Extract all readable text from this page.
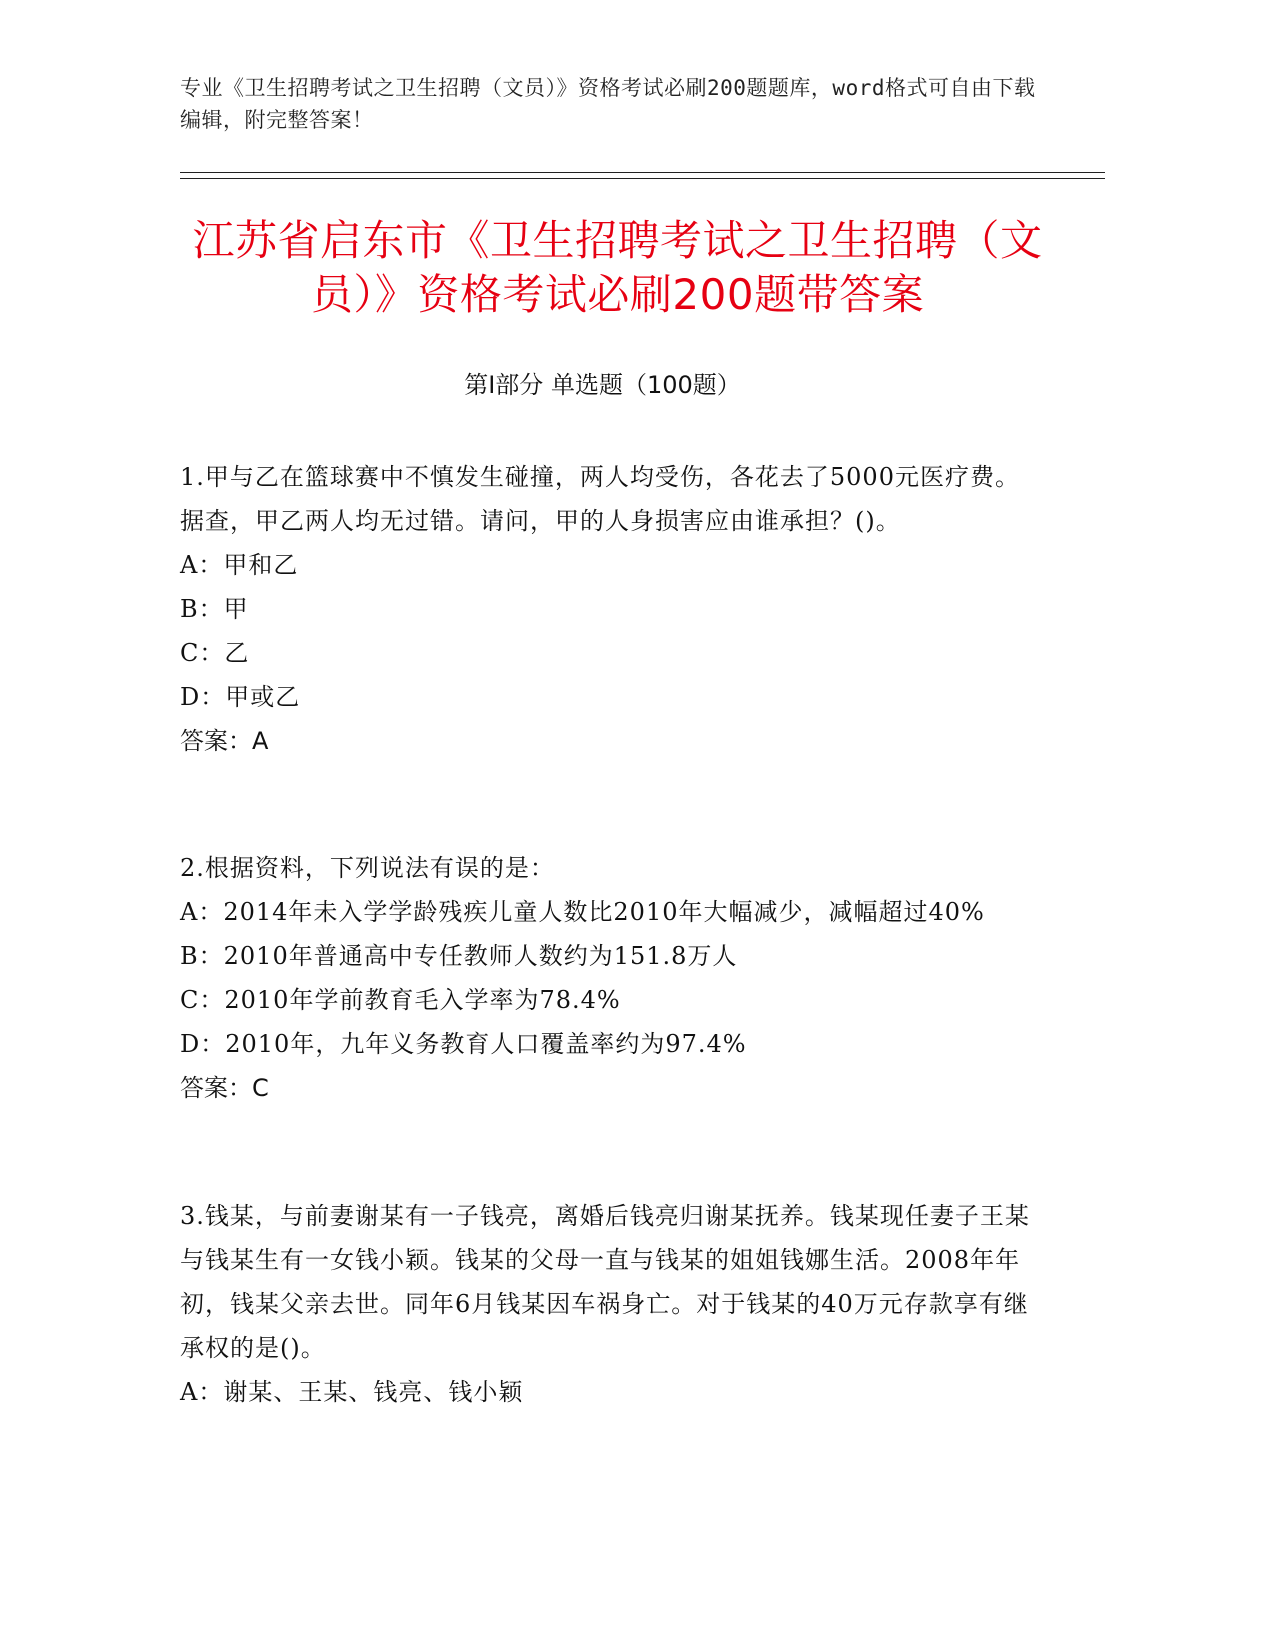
专业《卫生招聘考试之卫生招聘（文员）》资格考试必刷200题题库，word格式可自由下载编辑，附完整答案！
江苏省启东市《卫生招聘考试之卫生招聘（文员）》资格考试必刷200题带答案
第I部分 单选题（100题）
1.甲与乙在篮球赛中不慎发生碰撞，两人均受伤，各花去了5000元医疗费。据查，甲乙两人均无过错。请问，甲的人身损害应由谁承担？()。
A：甲和乙
B：甲
C：乙
D：甲或乙
答案：A
2.根据资料，下列说法有误的是：
A：2014年未入学学龄残疾儿童人数比2010年大幅减少，减幅超过40%
B：2010年普通高中专任教师人数约为151.8万人
C：2010年学前教育毛入学率为78.4%
D：2010年，九年义务教育人口覆盖率约为97.4%
答案：C
3.钱某，与前妻谢某有一子钱亮，离婚后钱亮归谢某抚养。钱某现任妻子王某与钱某生有一女钱小颖。钱某的父母一直与钱某的姐姐钱娜生活。2008年年初，钱某父亲去世。同年6月钱某因车祸身亡。对于钱某的40万元存款享有继承权的是()。
A：谢某、王某、钱亮、钱小颖
